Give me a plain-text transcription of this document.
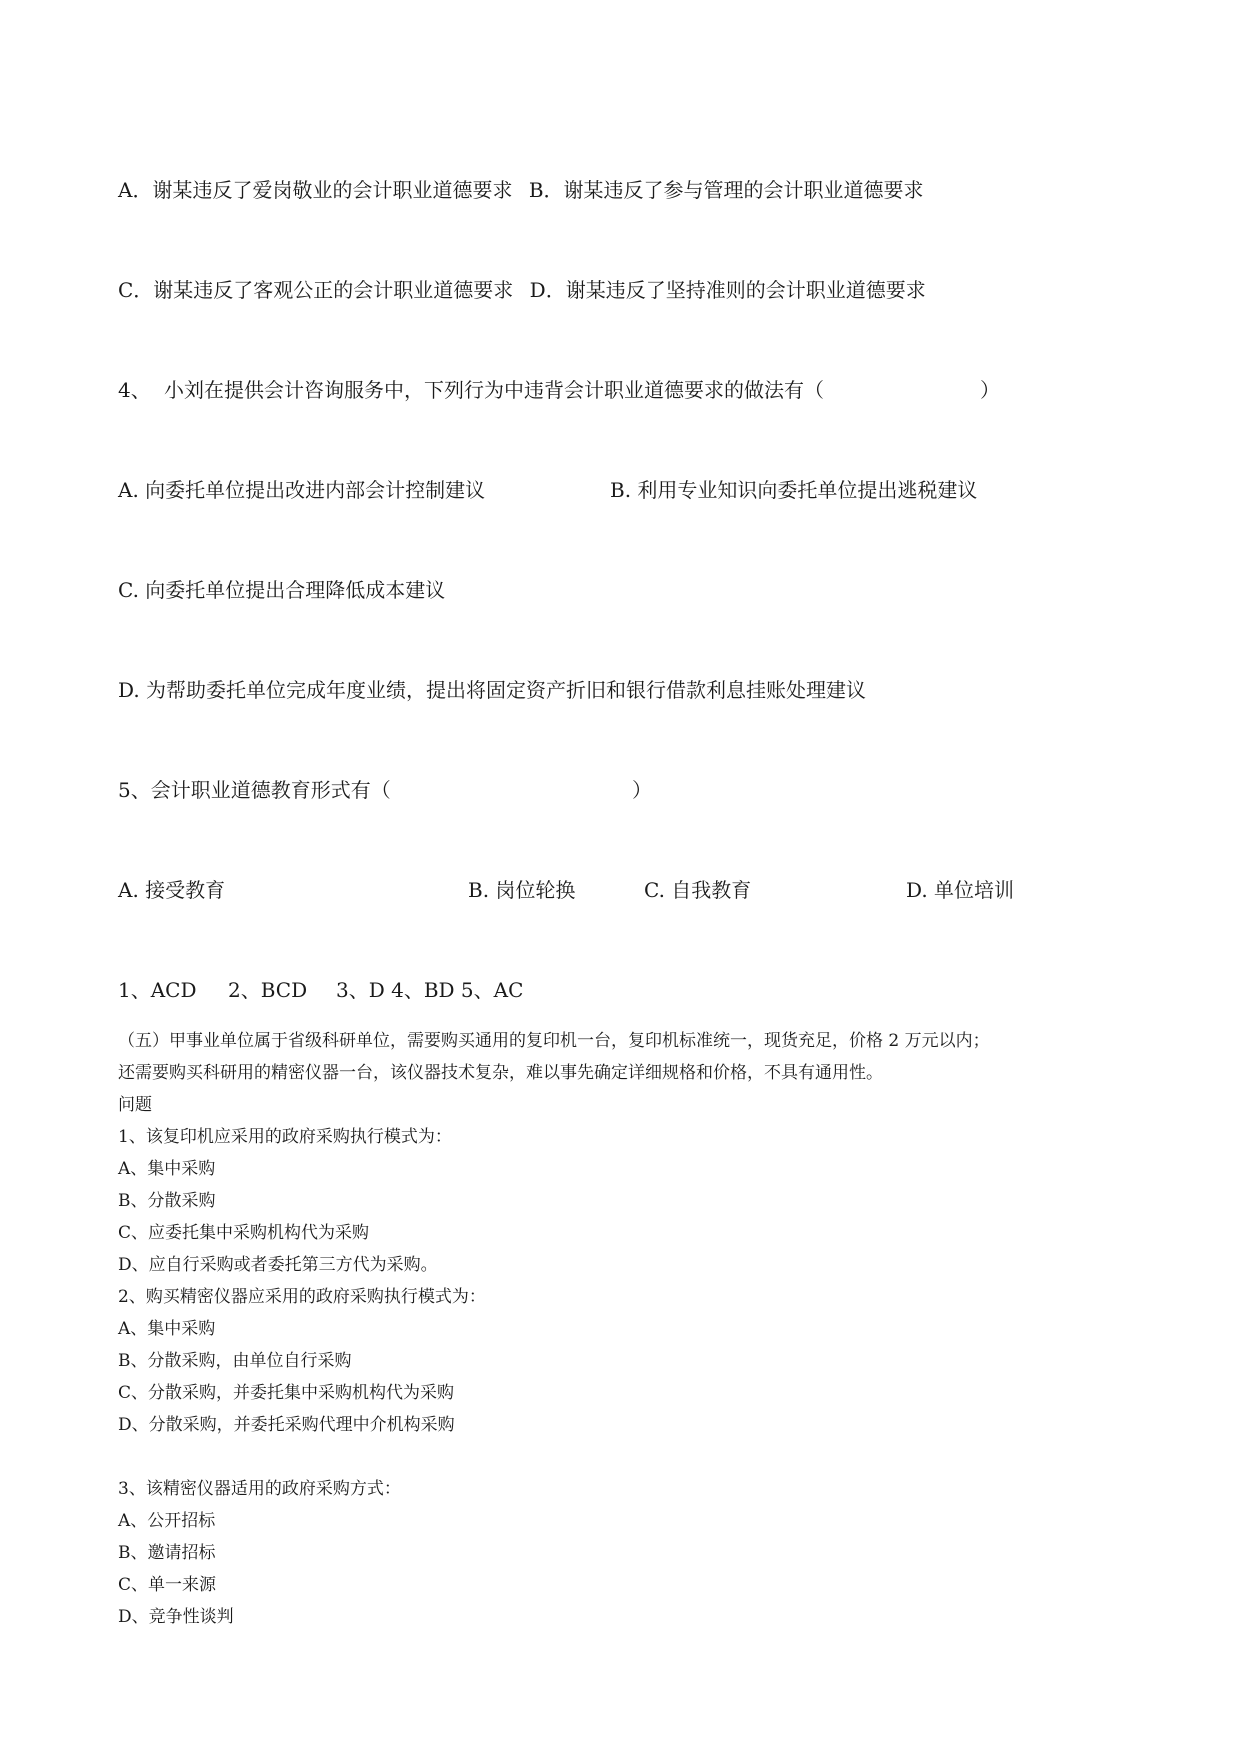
A．谢某违反了爱岗敬业的会计职业道德要求 B．谢某违反了参与管理的会计职业道德要求
C．谢某违反了客观公正的会计职业道德要求 D．谢某违反了坚持准则的会计职业道德要求
4、 小刘在提供会计咨询服务中，下列行为中违背会计职业道德要求的做法有（	）
A. 向委托单位提出改进内部会计控制建议	B. 利用专业知识向委托单位提出逃税建议
C. 向委托单位提出合理降低成本建议
D. 为帮助委托单位完成年度业绩，提出将固定资产折旧和银行借款利息挂账处理建议
5、会计职业道德教育形式有（	）
A. 接受教育	B. 岗位轮换	C. 自我教育	D. 单位培训
1、ACD 2、BCD 3、D 4、BD 5、AC
（五）甲事业单位属于省级科研单位，需要购买通用的复印机一台，复印机标准统一，现货充足，价格 2 万元以内；
还需要购买科研用的精密仪器一台，该仪器技术复杂，难以事先确定详细规格和价格，不具有通用性。
问题
1、该复印机应采用的政府采购执行模式为：
A、集中采购
B、分散采购
C、应委托集中采购机构代为采购
D、应自行采购或者委托第三方代为采购。
2、购买精密仪器应采用的政府采购执行模式为：
A、集中采购
B、分散采购，由单位自行采购
C、分散采购，并委托集中采购机构代为采购
D、分散采购，并委托采购代理中介机构采购
3、该精密仪器适用的政府采购方式：
A、公开招标
B、邀请招标
C、单一来源
D、竞争性谈判
